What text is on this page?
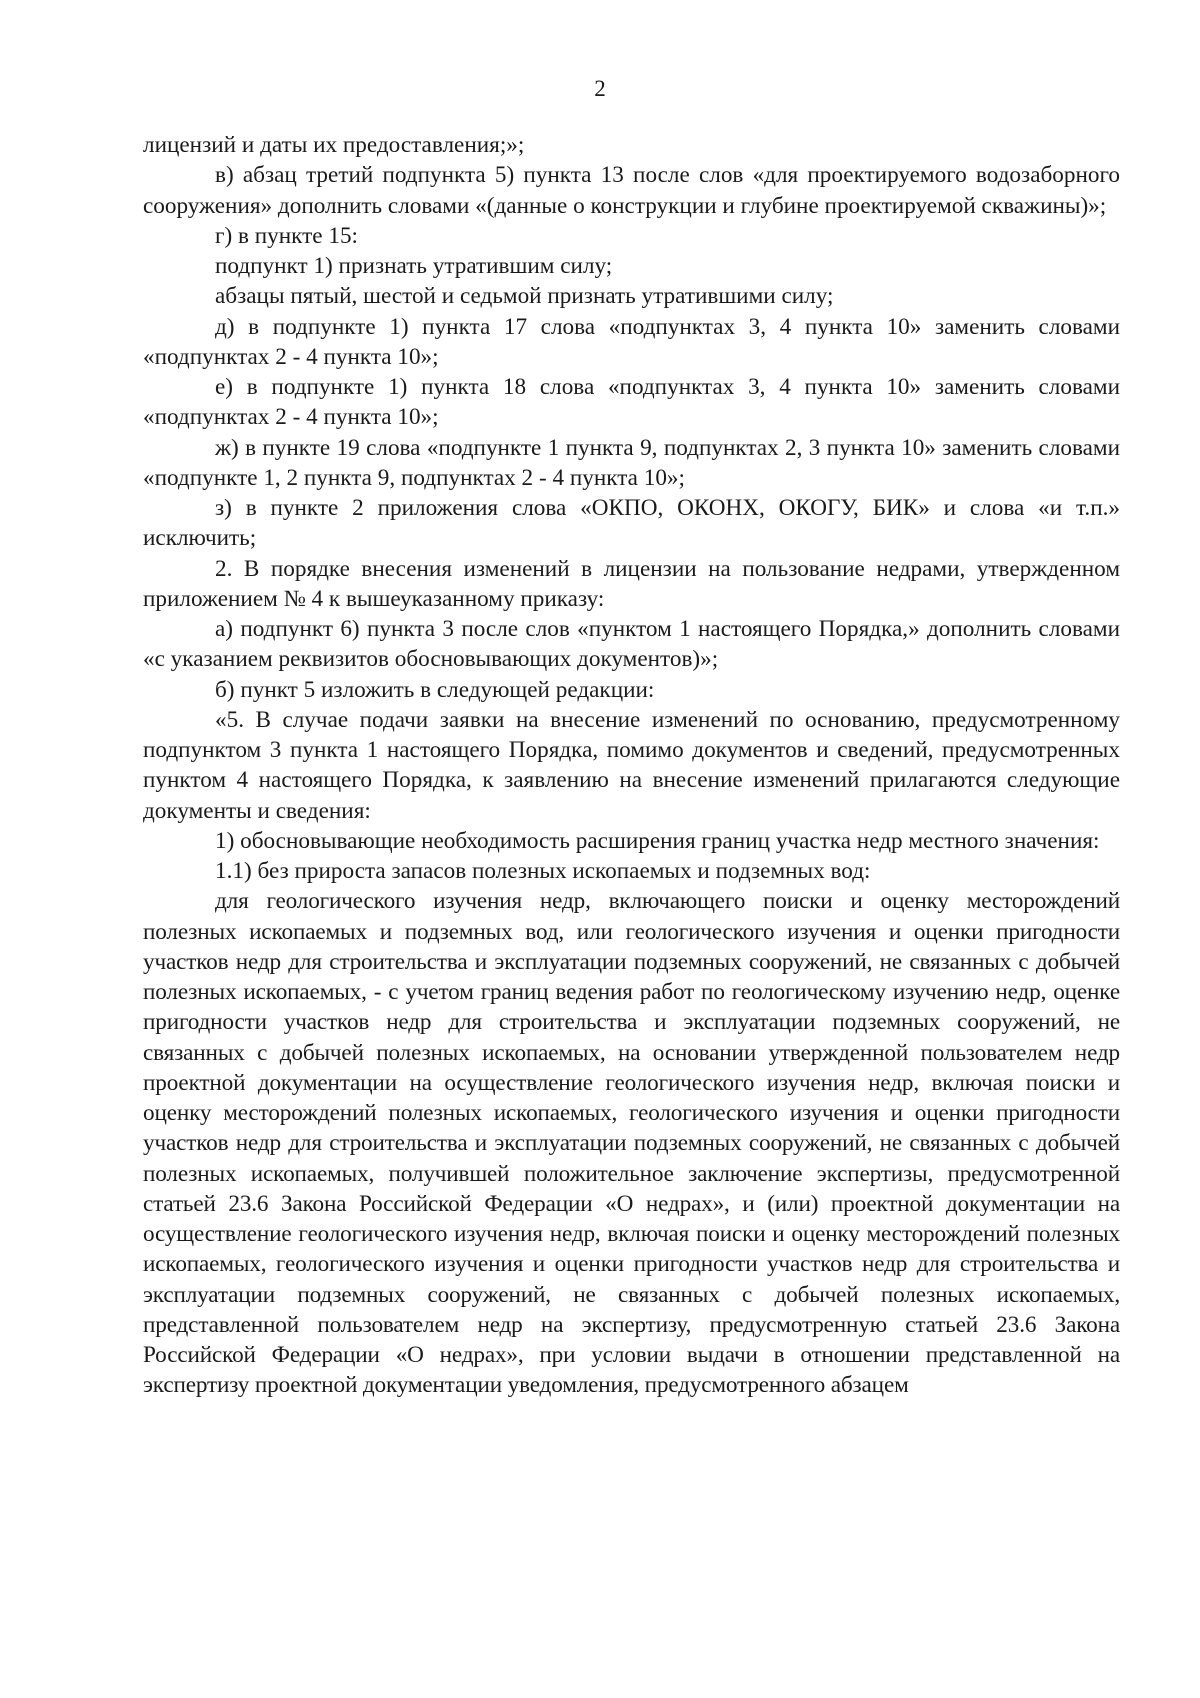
2

лицензий и даты их предоставления;»;

в) абзац третий подпункта 5) пункта 13 после слов «для проектируемого водозаборного сооружения» дополнить словами «(данные о конструкции и глубине проектируемой скважины)»;

г) в пункте 15:

подпункт 1) признать утратившим силу;

абзацы пятый, шестой и седьмой признать утратившими силу;

д) в подпункте 1) пункта 17 слова «подпунктах 3, 4 пункта 10» заменить словами «подпунктах 2 - 4 пункта 10»;

е) в подпункте 1) пункта 18 слова «подпунктах 3, 4 пункта 10» заменить словами «подпунктах 2 - 4 пункта 10»;

ж) в пункте 19 слова «подпункте 1 пункта 9, подпунктах 2, 3 пункта 10» заменить словами «подпункте 1, 2 пункта 9, подпунктах 2 - 4 пункта 10»;

з) в пункте 2 приложения слова «ОКПО, ОКОНХ, ОКОГУ, БИК» и слова «и т.п.» исключить;

2. В порядке внесения изменений в лицензии на пользование недрами, утвержденном приложением № 4 к вышеуказанному приказу:

а) подпункт 6) пункта 3 после слов «пунктом 1 настоящего Порядка,» дополнить словами «с указанием реквизитов обосновывающих документов)»;

б) пункт 5 изложить в следующей редакции:

«5. В случае подачи заявки на внесение изменений по основанию, предусмотренному подпунктом 3 пункта 1 настоящего Порядка, помимо документов и сведений, предусмотренных пунктом 4 настоящего Порядка, к заявлению на внесение изменений прилагаются следующие документы и сведения:

1) обосновывающие необходимость расширения границ участка недр местного значения:

1.1) без прироста запасов полезных ископаемых и подземных вод:

для геологического изучения недр, включающего поиски и оценку месторождений полезных ископаемых и подземных вод, или геологического изучения и оценки пригодности участков недр для строительства и эксплуатации подземных сооружений, не связанных с добычей полезных ископаемых, - с учетом границ ведения работ по геологическому изучению недр, оценке пригодности участков недр для строительства и эксплуатации подземных сооружений, не связанных с добычей полезных ископаемых, на основании утвержденной пользователем недр проектной документации на осуществление геологического изучения недр, включая поиски и оценку месторождений полезных ископаемых, геологического изучения и оценки пригодности участков недр для строительства и эксплуатации подземных сооружений, не связанных с добычей полезных ископаемых, получившей положительное заключение экспертизы, предусмотренной статьей 23.6 Закона Российской Федерации «О недрах», и (или) проектной документации на осуществление геологического изучения недр, включая поиски и оценку месторождений полезных ископаемых, геологического изучения и оценки пригодности участков недр для строительства и эксплуатации подземных сооружений, не связанных с добычей полезных ископаемых, представленной пользователем недр на экспертизу, предусмотренную статьей 23.6 Закона Российской Федерации «О недрах», при условии выдачи в отношении представленной на экспертизу проектной документации уведомления, предусмотренного абзацем
